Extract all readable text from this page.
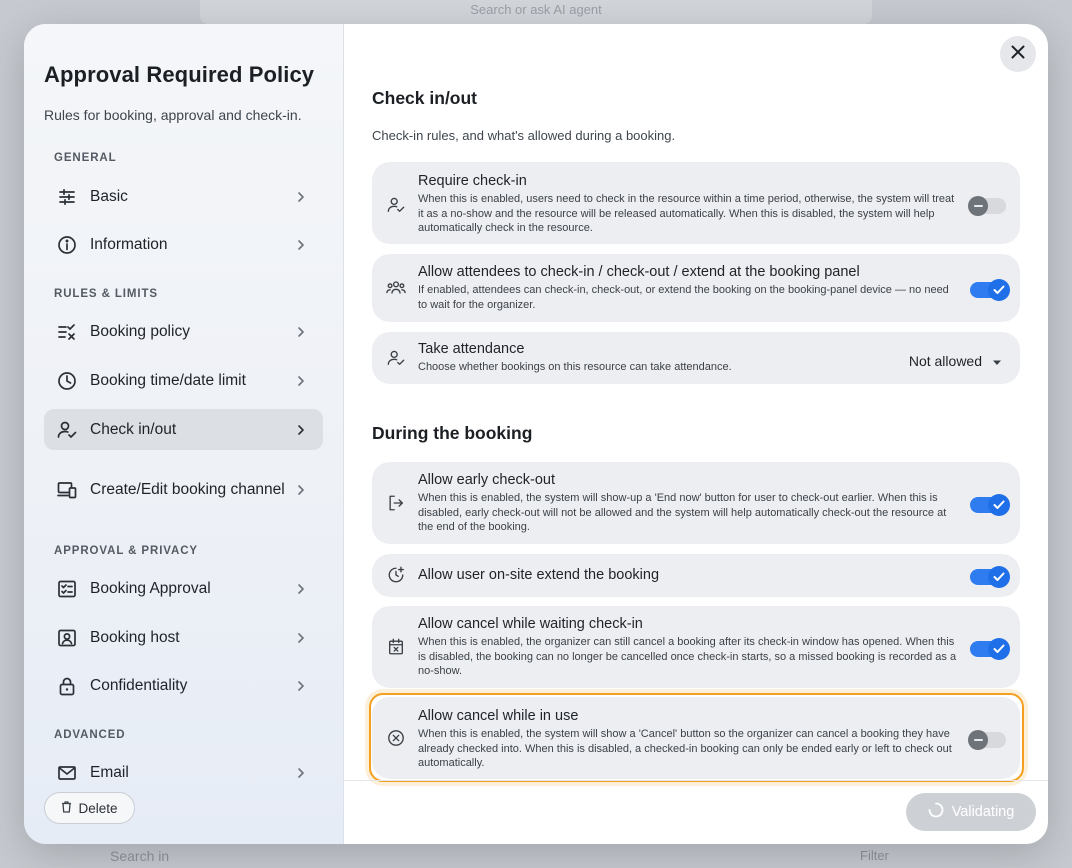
Search or ask AI agent
Search in	Filter
Approval Required Policy
Rules for booking, approval and check-in.
GENERAL
Basic
Information
RULES & LIMITS
Booking policy
Booking time/date limit
Check in/out
Create/Edit booking channel
APPROVAL & PRIVACY
Booking Approval
Booking host
Confidentiality
ADVANCED
Email
Delete
Check in/out
Check-in rules, and what's allowed during a booking.
Require check-in
When this is enabled, users need to check in the resource within a time period, otherwise, the system will treat it as a no-show and the resource will be released automatically. When this is disabled, the system will help automatically check in the resource.
Allow attendees to check-in / check-out / extend at the booking panel
If enabled, attendees can check-in, check-out, or extend the booking on the booking-panel device — no need to wait for the organizer.
Take attendance
Choose whether bookings on this resource can take attendance.	Not allowed
During the booking
Allow early check-out
When this is enabled, the system will show-up a 'End now' button for user to check-out earlier. When this is disabled, early check-out will not be allowed and the system will help automatically check-out the resource at the end of the booking.
Allow user on-site extend the booking
Allow cancel while waiting check-in
When this is enabled, the organizer can still cancel a booking after its check-in window has opened. When this is disabled, the booking can no longer be cancelled once check-in starts, so a missed booking is recorded as a no-show.
Allow cancel while in use
When this is enabled, the system will show a 'Cancel' button so the organizer can cancel a booking they have already checked into. When this is disabled, a checked-in booking can only be ended early or left to check out automatically.
Validating
